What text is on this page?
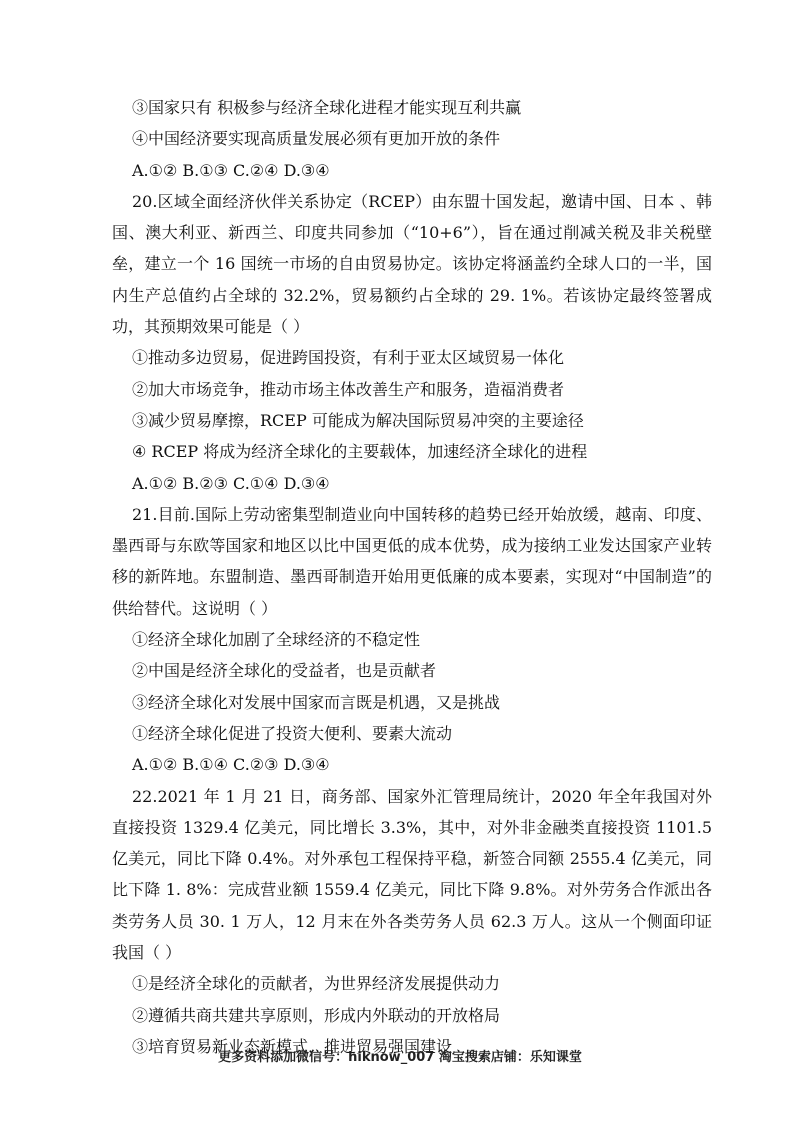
③国家只有 积极参与经济全球化进程才能实现互利共赢
④中国经济要实现高质量发展必须有更加开放的条件
A.①② B.①③ C.②④ D.③④
20.区域全面经济伙伴关系协定（RCEP）由东盟十国发起，邀请中国、日本 、韩国、澳大利亚、新西兰、印度共同参加（“10+6”），旨在通过削减关税及非关税壁垒，建立一个 16 国统一市场的自由贸易协定。该协定将涵盖约全球人口的一半，国内生产总值约占全球的 32.2%，贸易额约占全球的 29. 1%。若该协定最终签署成功，其预期效果可能是（ ）
①推动多边贸易，促进跨国投资，有利于亚太区域贸易一体化
②加大市场竞争，推动市场主体改善生产和服务，造福消费者
③减少贸易摩擦，RCEP 可能成为解决国际贸易冲突的主要途径
④ RCEP 将成为经济全球化的主要载体，加速经济全球化的进程
A.①② B.②③ C.①④ D.③④
21.目前.国际上劳动密集型制造业向中国转移的趋势已经开始放缓，越南、印度、墨西哥与东欧等国家和地区以比中国更低的成本优势，成为接纳工业发达国家产业转移的新阵地。东盟制造、墨西哥制造开始用更低廉的成本要素，实现对“中国制造”的供给替代。这说明（ ）
①经济全球化加剧了全球经济的不稳定性
②中国是经济全球化的受益者，也是贡献者
③经济全球化对发展中国家而言既是机遇，又是挑战
①经济全球化促进了投资大便利、要素大流动
A.①② B.①④ C.②③ D.③④
22.2021 年 1 月 21 日，商务部、国家外汇管理局统计，2020 年全年我国对外直接投资 1329.4 亿美元，同比增长 3.3%，其中，对外非金融类直接投资 1101.5 亿美元，同比下降 0.4%。对外承包工程保持平稳，新签合同额 2555.4 亿美元，同比下降 1. 8%：完成营业额 1559.4 亿美元，同比下降 9.8%。对外劳务合作派出各类劳务人员 30. 1 万人，12 月末在外各类劳务人员 62.3 万人。这从一个侧面印证我国（ ）
①是经济全球化的贡献者，为世界经济发展提供动力
②遵循共商共建共享原则，形成内外联动的开放格局
③培育贸易新业态新模式，推进贸易强国建设
更多资料添加微信号：hiknow_007 淘宝搜索店铺：乐知课堂
